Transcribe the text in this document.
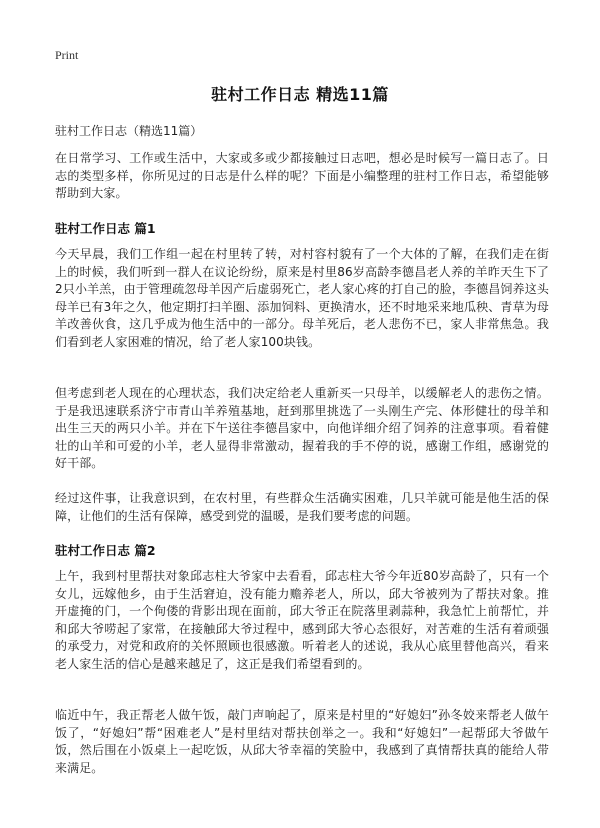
Print
驻村工作日志 精选11篇
驻村工作日志（精选11篇）
在日常学习、工作或生活中，大家或多或少都接触过日志吧，想必是时候写一篇日志了。日志的类型多样，你所见过的日志是什么样的呢？下面是小编整理的驻村工作日志，希望能够帮助到大家。
驻村工作日志 篇1
今天早晨，我们工作组一起在村里转了转，对村容村貌有了一个大体的了解，在我们走在街上的时候，我们听到一群人在议论纷纷，原来是村里86岁高龄李德昌老人养的羊昨天生下了2只小羊羔，由于管理疏忽母羊因产后虚弱死亡，老人家心疼的打自己的脸，李德昌饲养这头母羊已有3年之久，他定期打扫羊圈、添加饲料、更换清水，还不时地采来地瓜秧、青草为母羊改善伙食，这几乎成为他生活中的一部分。母羊死后，老人悲伤不已，家人非常焦急。我们看到老人家困难的情况，给了老人家100块钱。
但考虑到老人现在的心理状态，我们决定给老人重新买一只母羊，以缓解老人的悲伤之情。于是我迅速联系济宁市青山羊养殖基地，赶到那里挑选了一头刚生产完、体形健壮的母羊和出生三天的两只小羊。并在下午送往李德昌家中，向他详细介绍了饲养的注意事项。看着健壮的山羊和可爱的小羊，老人显得非常激动，握着我的手不停的说，感谢工作组，感谢党的好干部。
经过这件事，让我意识到，在农村里，有些群众生活确实困难，几只羊就可能是他生活的保障，让他们的生活有保障，感受到党的温暖，是我们要考虑的问题。
驻村工作日志 篇2
上午，我到村里帮扶对象邱志柱大爷家中去看看，邱志柱大爷今年近80岁高龄了，只有一个女儿，远嫁他乡，由于生活窘迫，没有能力赡养老人，所以，邱大爷被列为了帮扶对象。推开虚掩的门，一个佝偻的背影出现在面前，邱大爷正在院落里剥蒜种，我急忙上前帮忙，并和邱大爷唠起了家常，在接触邱大爷过程中，感到邱大爷心态很好，对苦难的生活有着顽强的承受力，对党和政府的关怀照顾也很感激。听着老人的述说，我从心底里替他高兴，看来老人家生活的信心是越来越足了，这正是我们希望看到的。
临近中午，我正帮老人做午饭，敲门声响起了，原来是村里的“好媳妇”孙冬姣来帮老人做午饭了，“好媳妇”帮“困难老人”是村里结对帮扶创举之一。我和“好媳妇”一起帮邱大爷做午饭，然后围在小饭桌上一起吃饭，从邱大爷幸福的笑脸中，我感到了真情帮扶真的能给人带来满足。
